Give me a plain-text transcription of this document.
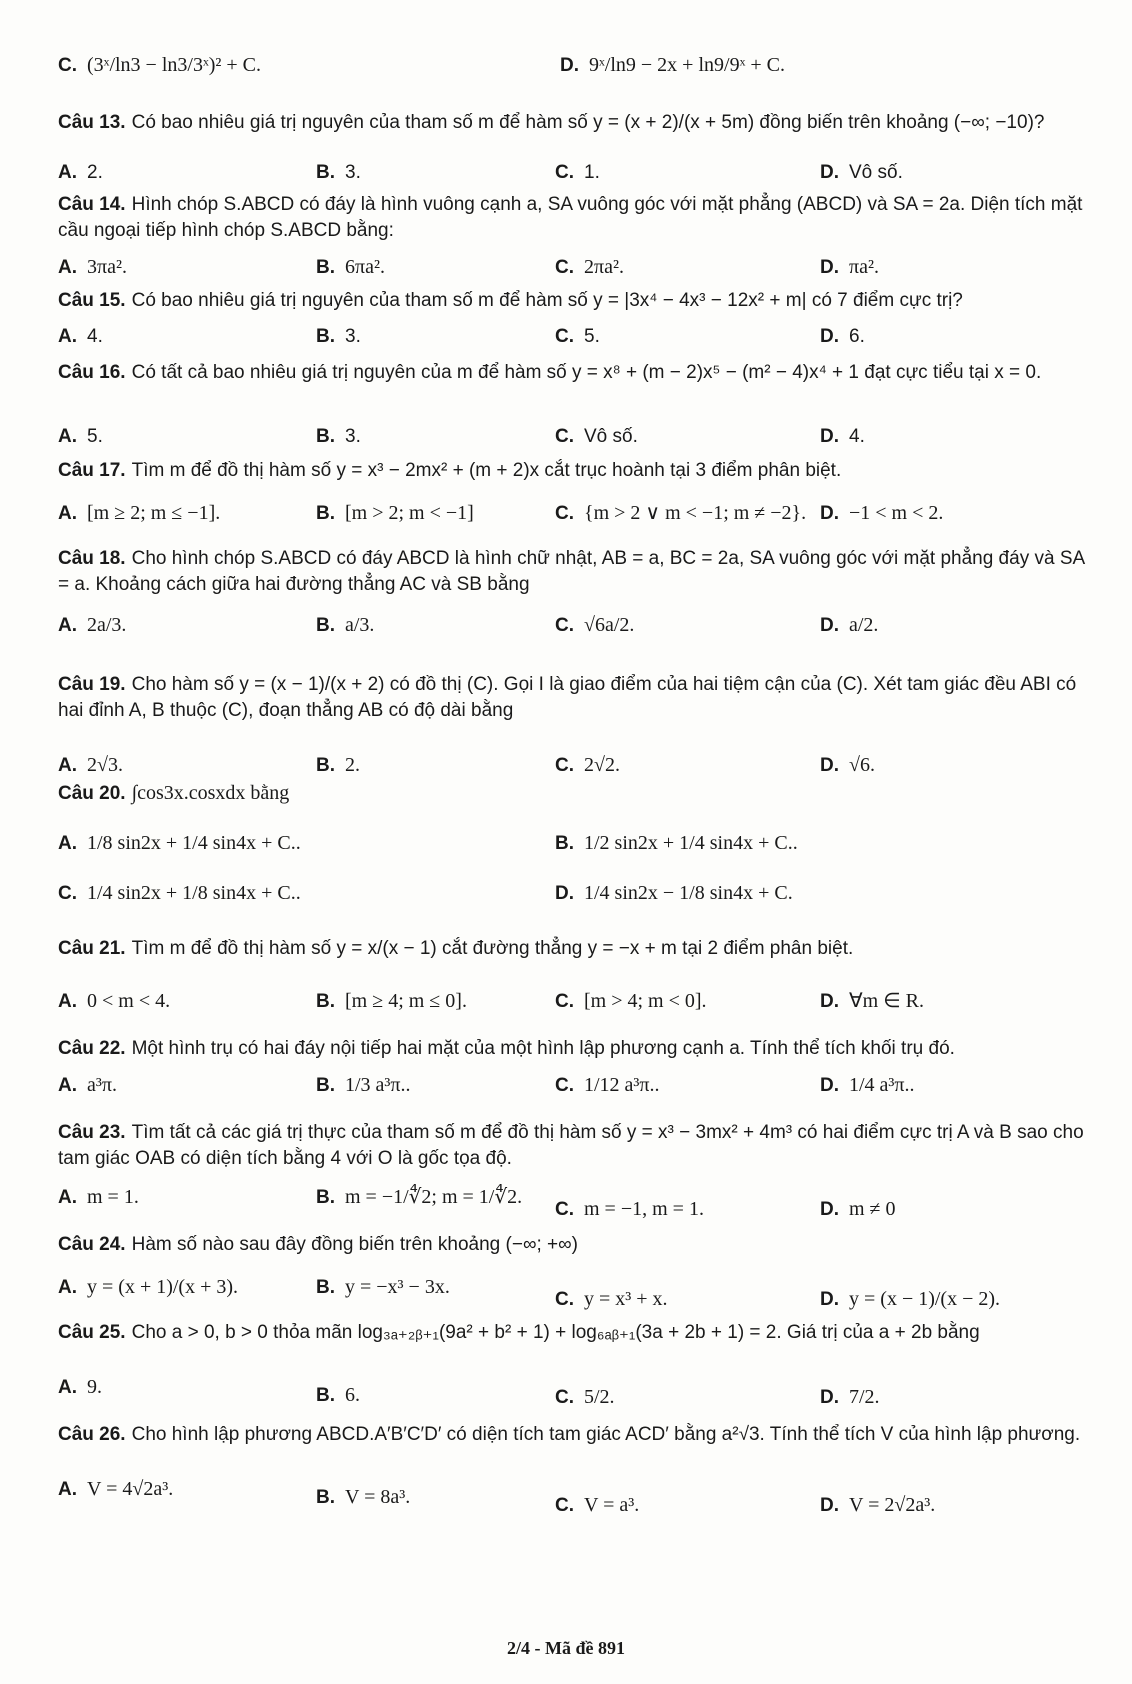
C. (3ˣ/ln3 − ln3/3ˣ)² + C.	D. 9ˣ/ln9 − 2x + ln9/9ˣ + C.
Câu 13. Có bao nhiêu giá trị nguyên của tham số m để hàm số y = (x + 2)/(x + 5m) đồng biến trên khoảng (−∞; −10)?
A. 2.	B. 3.	C. 1.	D. Vô số.
Câu 14. Hình chóp S.ABCD có đáy là hình vuông cạnh a, SA vuông góc với mặt phẳng (ABCD) và SA = 2a. Diện tích mặt cầu ngoại tiếp hình chóp S.ABCD bằng:
A. 3πa².	B. 6πa².	C. 2πa².	D. πa².
Câu 15. Có bao nhiêu giá trị nguyên của tham số m để hàm số y = |3x⁴ − 4x³ − 12x² + m| có 7 điểm cực trị?
A. 4.	B. 3.	C. 5.	D. 6.
Câu 16. Có tất cả bao nhiêu giá trị nguyên của m để hàm số y = x⁸ + (m − 2)x⁵ − (m² − 4)x⁴ + 1 đạt cực tiểu tại x = 0.
A. 5.	B. 3.	C. Vô số.	D. 4.
Câu 17. Tìm m để đồ thị hàm số y = x³ − 2mx² + (m + 2)x cắt trục hoành tại 3 điểm phân biệt.
A. [m ≥ 2; m ≤ −1].	B. [m > 2; m < −1]	C. {m > 2 ∨ m < −1; m ≠ −2}. D. −1 < m < 2.
Câu 18. Cho hình chóp S.ABCD có đáy ABCD là hình chữ nhật, AB = a, BC = 2a, SA vuông góc với mặt phẳng đáy và SA = a. Khoảng cách giữa hai đường thẳng AC và SB bằng
A. 2a/3.	B. a/3.	C. √6a/2.	D. a/2.
Câu 19. Cho hàm số y = (x − 1)/(x + 2) có đồ thị (C). Gọi I là giao điểm của hai tiệm cận của (C). Xét tam giác đều ABI có hai đỉnh A, B thuộc (C), đoạn thẳng AB có độ dài bằng
A. 2√3.	B. 2.	C. 2√2.	D. √6.
Câu 20. ∫cos3x.cosxdx bằng
A. 1/8 sin2x + 1/4 sin4x + C..	B. 1/2 sin2x + 1/4 sin4x + C..
C. 1/4 sin2x + 1/8 sin4x + C..	D. 1/4 sin2x − 1/8 sin4x + C.
Câu 21. Tìm m để đồ thị hàm số y = x/(x − 1) cắt đường thẳng y = −x + m tại 2 điểm phân biệt.
A. 0 < m < 4.	B. [m ≥ 4; m ≤ 0].	C. [m > 4; m < 0].	D. ∀m ∈ R.
Câu 22. Một hình trụ có hai đáy nội tiếp hai mặt của một hình lập phương cạnh a. Tính thể tích khối trụ đó.
A. a³π.	B. 1/3 a³π..	C. 1/12 a³π..	D. 1/4 a³π..
Câu 23. Tìm tất cả các giá trị thực của tham số m để đồ thị hàm số y = x³ − 3mx² + 4m³ có hai điểm cực trị A và B sao cho tam giác OAB có diện tích bằng 4 với O là gốc tọa độ.
A. m = 1.	B. m = −1/∜2; m = 1/∜2.
C. m = −1, m = 1.	D. m ≠ 0
Câu 24. Hàm số nào sau đây đồng biến trên khoảng (−∞; +∞)
A. y = (x + 1)/(x + 3).	B. y = −x³ − 3x.
C. y = x³ + x.	D. y = (x − 1)/(x − 2).
Câu 25. Cho a > 0, b > 0 thỏa mãn log₃ₐ₊₂ᵦ₊₁(9a² + b² + 1) + log₆ₐᵦ₊₁(3a + 2b + 1) = 2. Giá trị của a + 2b bằng
A. 9.	B. 6.	C. 5/2.	D. 7/2.
Câu 26. Cho hình lập phương ABCD.A′B′C′D′ có diện tích tam giác ACD′ bằng a²√3. Tính thể tích V của hình lập phương.
A. V = 4√2a³.	B. V = 8a³.	C. V = a³.	D. V = 2√2a³.
2/4 - Mã đề 891
